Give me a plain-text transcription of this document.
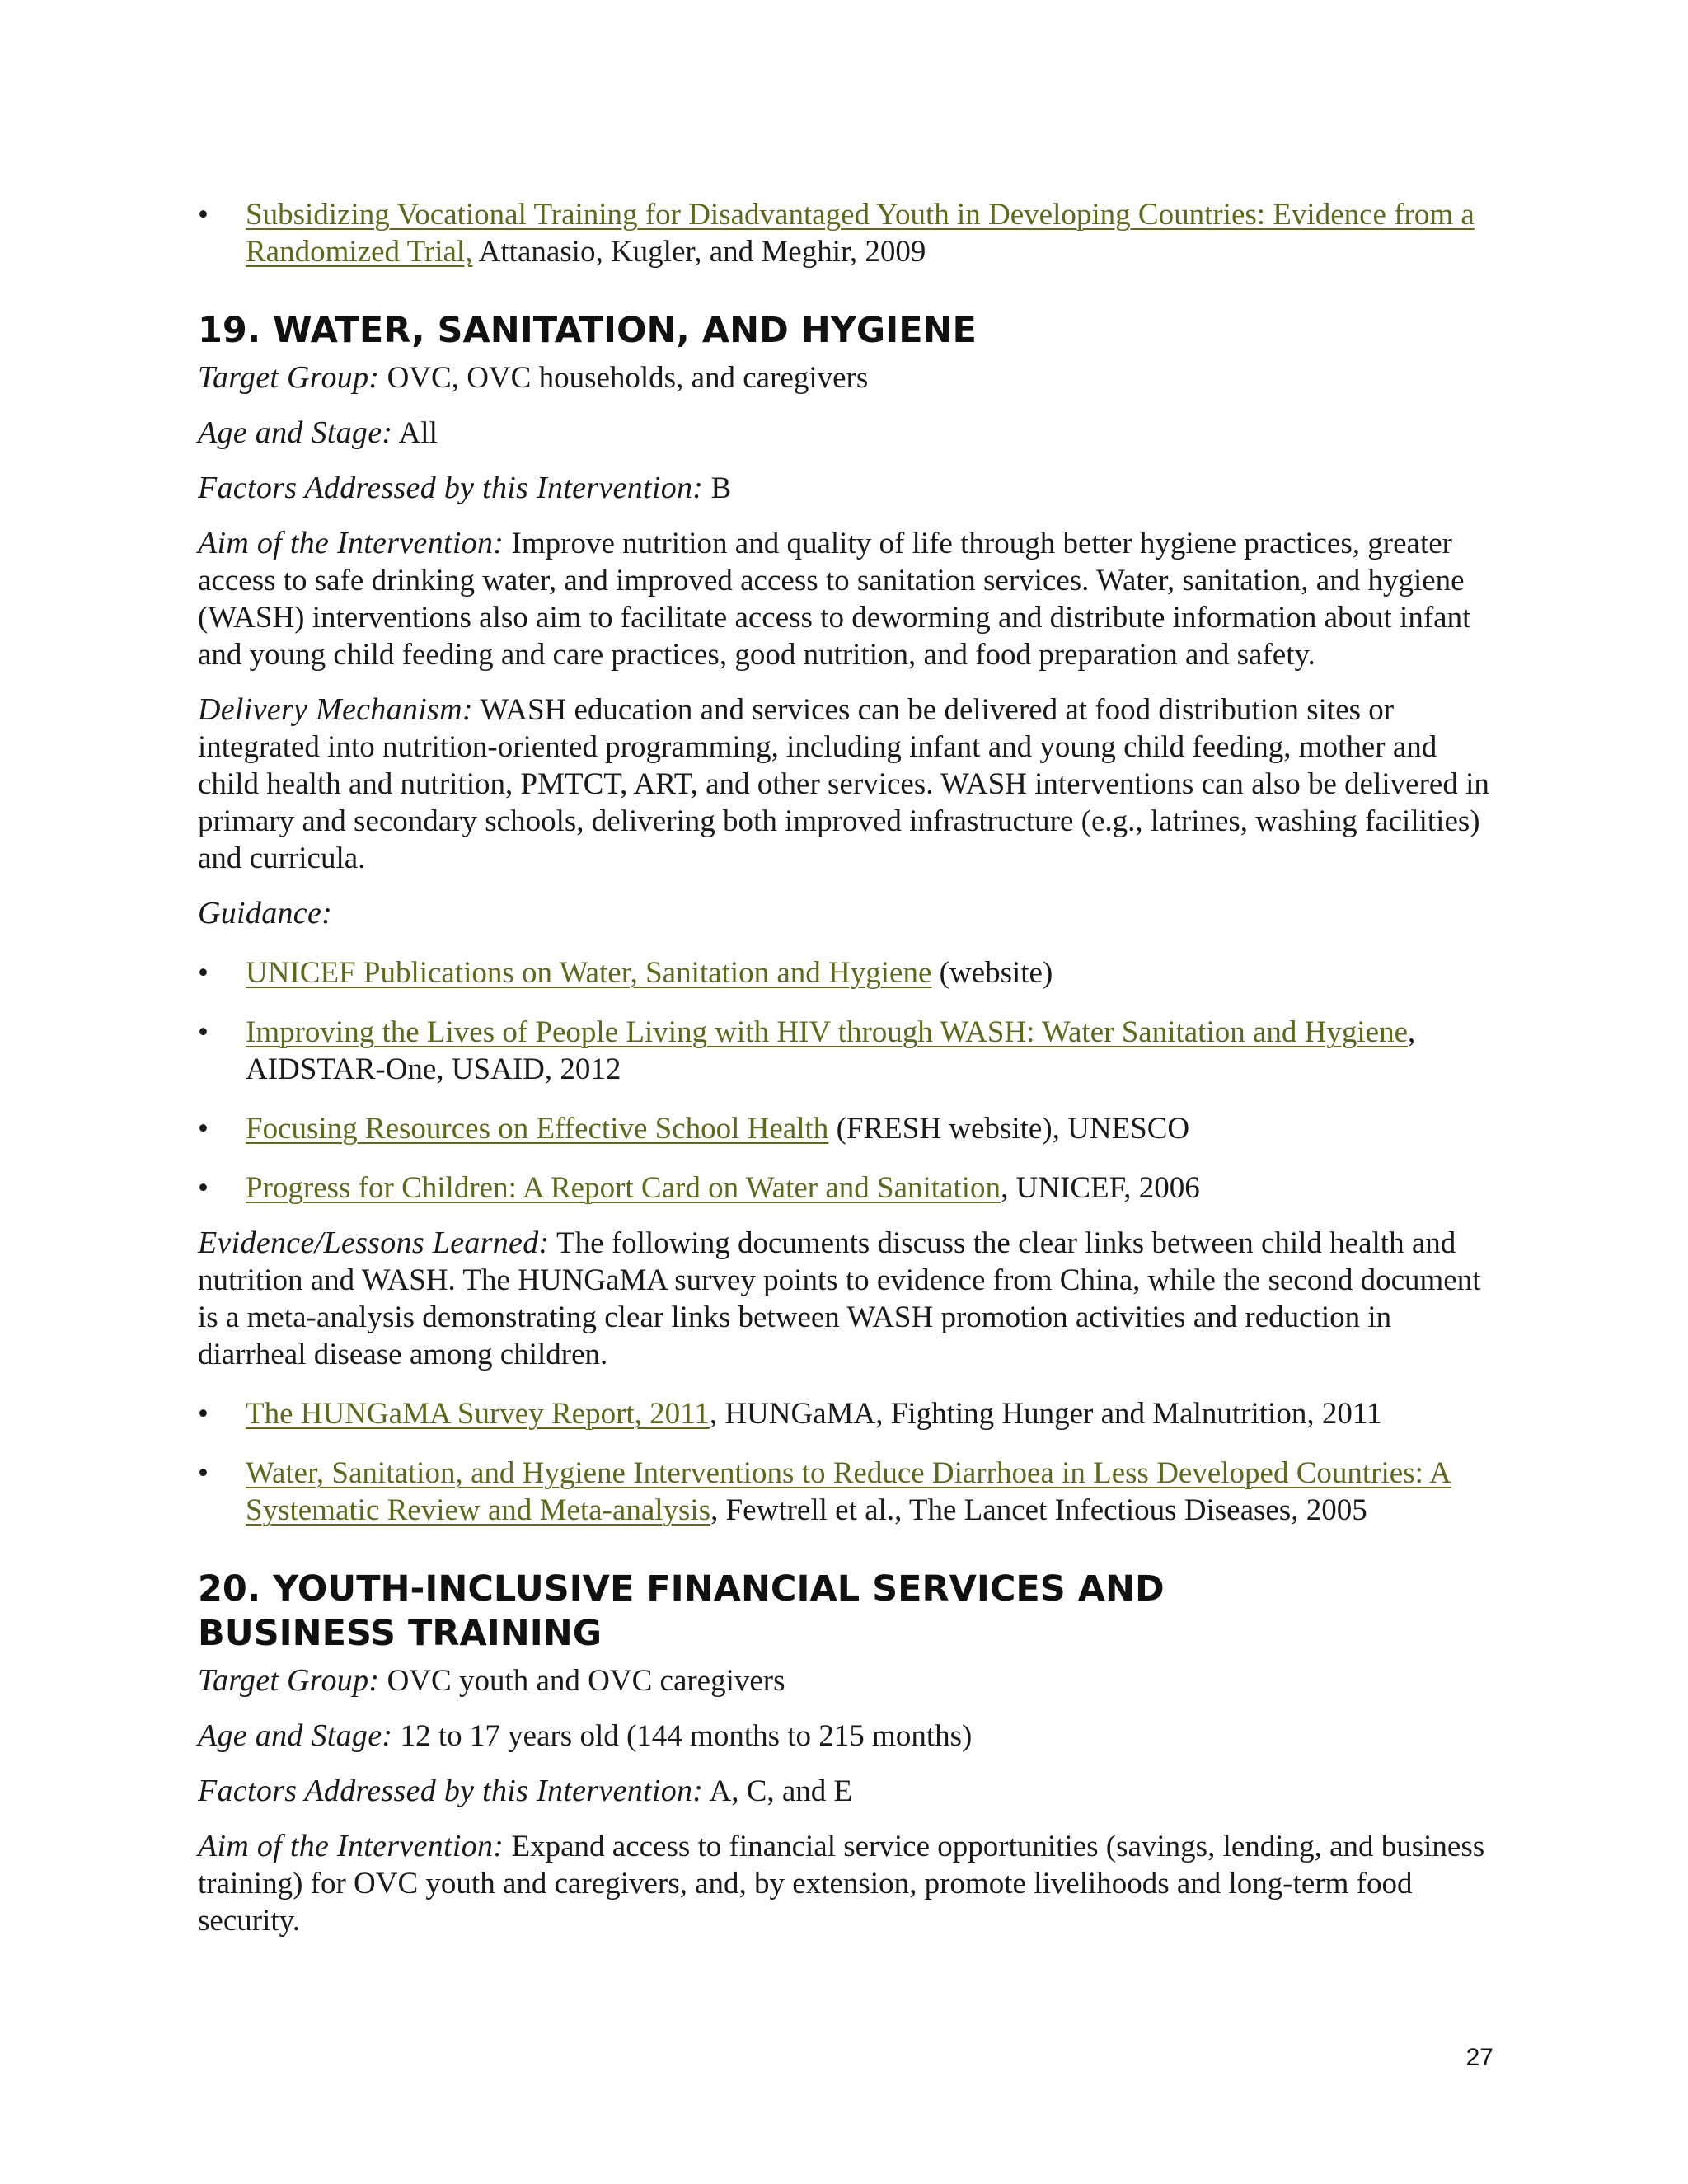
• Subsidizing Vocational Training for Disadvantaged Youth in Developing Countries: Evidence from a Randomized Trial, Attanasio, Kugler, and Meghir, 2009
19. WATER, SANITATION, AND HYGIENE

Target Group: OVC, OVC households, and caregivers

Age and Stage: All

Factors Addressed by this Intervention: B

Aim of the Intervention: Improve nutrition and quality of life through better hygiene practices, greater access to safe drinking water, and improved access to sanitation services. Water, sanitation, and hygiene (WASH) interventions also aim to facilitate access to deworming and distribute information about infant and young child feeding and care practices, good nutrition, and food preparation and safety.

Delivery Mechanism: WASH education and services can be delivered at food distribution sites or integrated into nutrition-oriented programming, including infant and young child feeding, mother and child health and nutrition, PMTCT, ART, and other services. WASH interventions can also be delivered in primary and secondary schools, delivering both improved infrastructure (e.g., latrines, washing facilities) and curricula.

Guidance:

• UNICEF Publications on Water, Sanitation and Hygiene (website)
• Improving the Lives of People Living with HIV through WASH: Water Sanitation and Hygiene, AIDSTAR-One, USAID, 2012
• Focusing Resources on Effective School Health (FRESH website), UNESCO
• Progress for Children: A Report Card on Water and Sanitation, UNICEF, 2006

Evidence/Lessons Learned: The following documents discuss the clear links between child health and nutrition and WASH. The HUNGaMA survey points to evidence from China, while the second document is a meta-analysis demonstrating clear links between WASH promotion activities and reduction in diarrheal disease among children.

• The HUNGaMA Survey Report, 2011, HUNGaMA, Fighting Hunger and Malnutrition, 2011
• Water, Sanitation, and Hygiene Interventions to Reduce Diarrhoea in Less Developed Countries: A Systematic Review and Meta-analysis, Fewtrell et al., The Lancet Infectious Diseases, 2005
20. YOUTH-INCLUSIVE FINANCIAL SERVICES AND
BUSINESS TRAINING

Target Group: OVC youth and OVC caregivers

Age and Stage: 12 to 17 years old (144 months to 215 months)

Factors Addressed by this Intervention: A, C, and E

Aim of the Intervention: Expand access to financial service opportunities (savings, lending, and business training) for OVC youth and caregivers, and, by extension, promote livelihoods and long-term food security.

27
